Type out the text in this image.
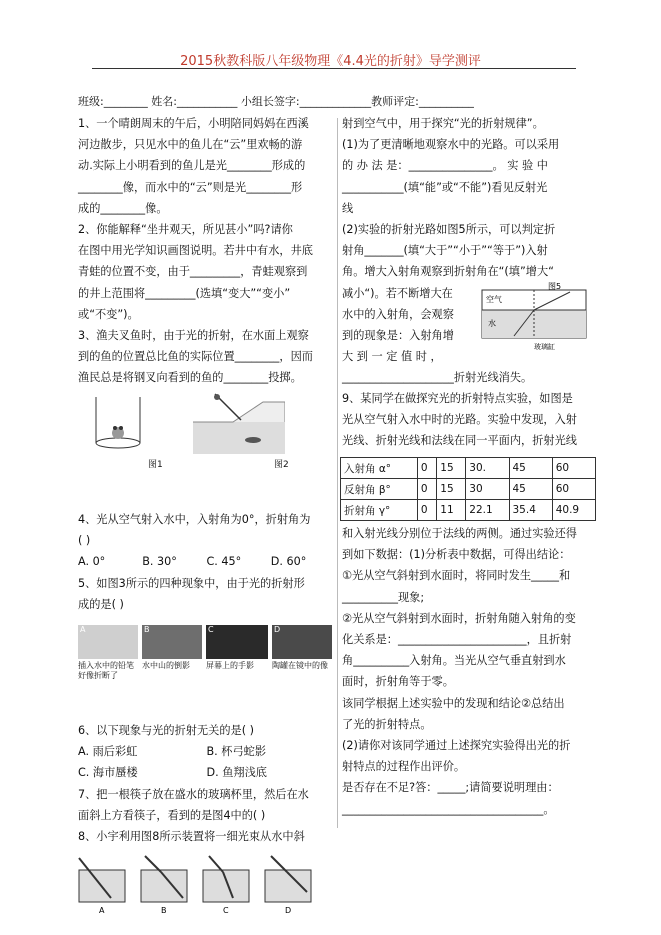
2015秋教科版八年级物理《4.4光的折射》导学测评
班级:________ 姓名:___________ 小组长签字:_____________教师评定:__________

1、一个晴朗周末的午后，小明陪同妈妈在西溪

河边散步，只见水中的鱼儿在“云”里欢畅的游

动.实际上小明看到的鱼儿是光________形成的

________像，而水中的“云”则是光________形

成的________像。

2、你能解释“坐井观天，所见甚小”吗?请你

在图中用光学知识画图说明。若井中有水，井底

青蛙的位置不变，由于_________，青蛙观察到

的井上范围将_________(选填“变大”“变小”

或“不变”)。

3、渔夫叉鱼时，由于光的折射，在水面上观察

到的鱼的位置总比鱼的实际位置________，因而

渔民总是将钢叉向看到的鱼的________投掷。

图1	图2

4、光从空气射入水中，入射角为0°，折射角为

( )

A. 0°	B. 30°	C. 45°	D. 60°

5、如图3所示的四种现象中，由于光的折射形

成的是( )

A	B	C	D
插入水中的铅笔好像折断了
水中山的倒影	屏幕上的手影	陶罐在镜中的像

6、以下现象与光的折射无关的是( )

A. 雨后彩虹	B. 杯弓蛇影
C. 海市蜃楼	D. 鱼翔浅底

7、把一根筷子放在盛水的玻璃杯里，然后在水

面斜上方看筷子，看到的是图4中的( )

8、小宇利用图8所示装置将一细光束从水中斜

A	B	C	D

射到空气中，用于探究“光的折射规律”。

(1)为了更清晰地观察水中的光路。可以采用

的 办 法 是：_______________。 实 验 中

___________(填“能”或“不能”)看见反射光

线

(2)实验的折射光路如图5所示，可以判定折

射角_______(填“大于”“小于”“等于”)入射

角。增大入射角观察到折射角在“(填”增大“

减小“)。若不断增大在

水中的入射角，会观察

到的现象是：入射角增

大 到 一 定 值 时 ，

____________________折射光线消失。

空气
水
图5
玻璃缸

9、某同学在做探究光的折射特点实验，如图是

光从空气射入水中时的光路。实验中发现，入射

光线、折射光线和法线在同一平面内，折射光线

入射角 α°	0	15	30.	45	60
反射角 β°	0	15	30	45	60
折射角 γ°	0	11	22.1	35.4	40.9

和入射光线分别位于法线的两侧。通过实验还得

到如下数据：(1)分析表中数据，可得出结论：

①光从空气斜射到水面时，将同时发生_____和

__________现象;

②光从空气斜射到水面时，折射角随入射角的变

化关系是：_______________________，且折射

角__________入射角。当光从空气垂直射到水

面时，折射角等于零。

该同学根据上述实验中的发现和结论②总结出

了光的折射特点。

(2)请你对该同学通过上述探究实验得出光的折

射特点的过程作出评价。

是否存在不足?答：_____;请简要说明理由：

____________________________________。
